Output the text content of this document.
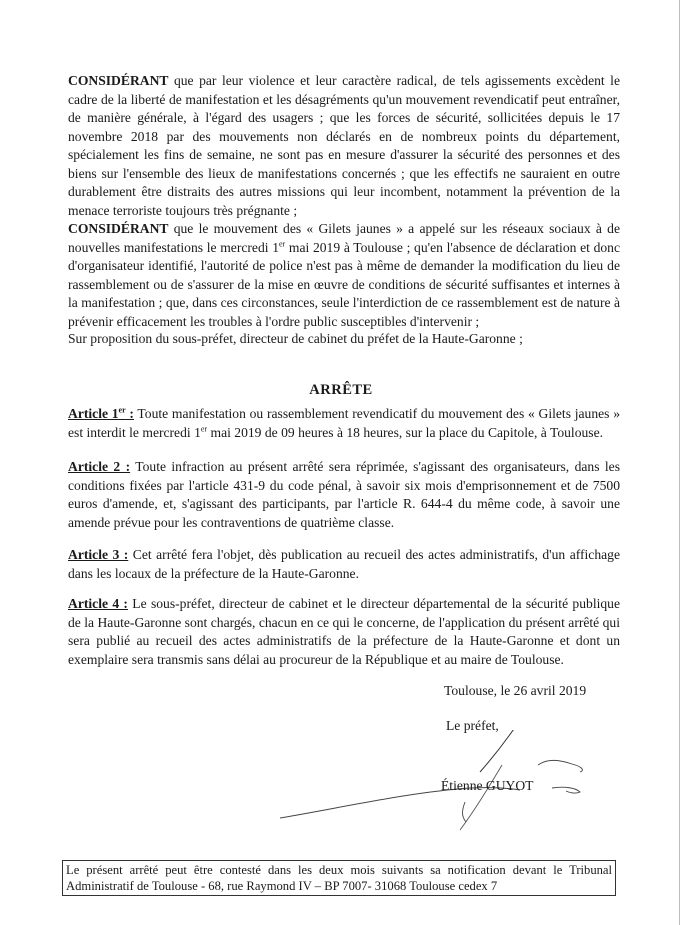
CONSIDÉRANT que par leur violence et leur caractère radical, de tels agissements excèdent le cadre de la liberté de manifestation et les désagréments qu'un mouvement revendicatif peut entraîner, de manière générale, à l'égard des usagers ; que les forces de sécurité, sollicitées depuis le 17 novembre 2018 par des mouvements non déclarés en de nombreux points du département, spécialement les fins de semaine, ne sont pas en mesure d'assurer la sécurité des personnes et des biens sur l'ensemble des lieux de manifestations concernés ; que les effectifs ne sauraient en outre durablement être distraits des autres missions qui leur incombent, notamment la prévention de la menace terroriste toujours très prégnante ;

CONSIDÉRANT que le mouvement des « Gilets jaunes » a appelé sur les réseaux sociaux à de nouvelles manifestations le mercredi 1er mai 2019 à Toulouse ; qu'en l'absence de déclaration et donc d'organisateur identifié, l'autorité de police n'est pas à même de demander la modification du lieu de rassemblement ou de s'assurer de la mise en œuvre de conditions de sécurité suffisantes et internes à la manifestation ; que, dans ces circonstances, seule l'interdiction de ce rassemblement est de nature à prévenir efficacement les troubles à l'ordre public susceptibles d'intervenir ;

Sur proposition du sous-préfet, directeur de cabinet du préfet de la Haute-Garonne ;

ARRÊTE

Article 1er : Toute manifestation ou rassemblement revendicatif du mouvement des « Gilets jaunes » est interdit le mercredi 1er mai 2019 de 09 heures à 18 heures, sur la place du Capitole, à Toulouse.

Article 2 : Toute infraction au présent arrêté sera réprimée, s'agissant des organisateurs, dans les conditions fixées par l'article 431-9 du code pénal, à savoir six mois d'emprisonnement et de 7500 euros d'amende, et, s'agissant des participants, par l'article R. 644-4 du même code, à savoir une amende prévue pour les contraventions de quatrième classe.

Article 3 : Cet arrêté fera l'objet, dès publication au recueil des actes administratifs, d'un affichage dans les locaux de la préfecture de la Haute-Garonne.

Article 4 : Le sous-préfet, directeur de cabinet et le directeur départemental de la sécurité publique de la Haute-Garonne sont chargés, chacun en ce qui le concerne, de l'application du présent arrêté qui sera publié au recueil des actes administratifs de la préfecture de la Haute-Garonne et dont un exemplaire sera transmis sans délai au procureur de la République et au maire de Toulouse.

Toulouse, le 26 avril 2019
Le préfet,
Étienne GUYOT
Le présent arrêté peut être contesté dans les deux mois suivants sa notification devant le Tribunal Administratif de Toulouse - 68, rue Raymond IV – BP 7007- 31068 Toulouse cedex 7
